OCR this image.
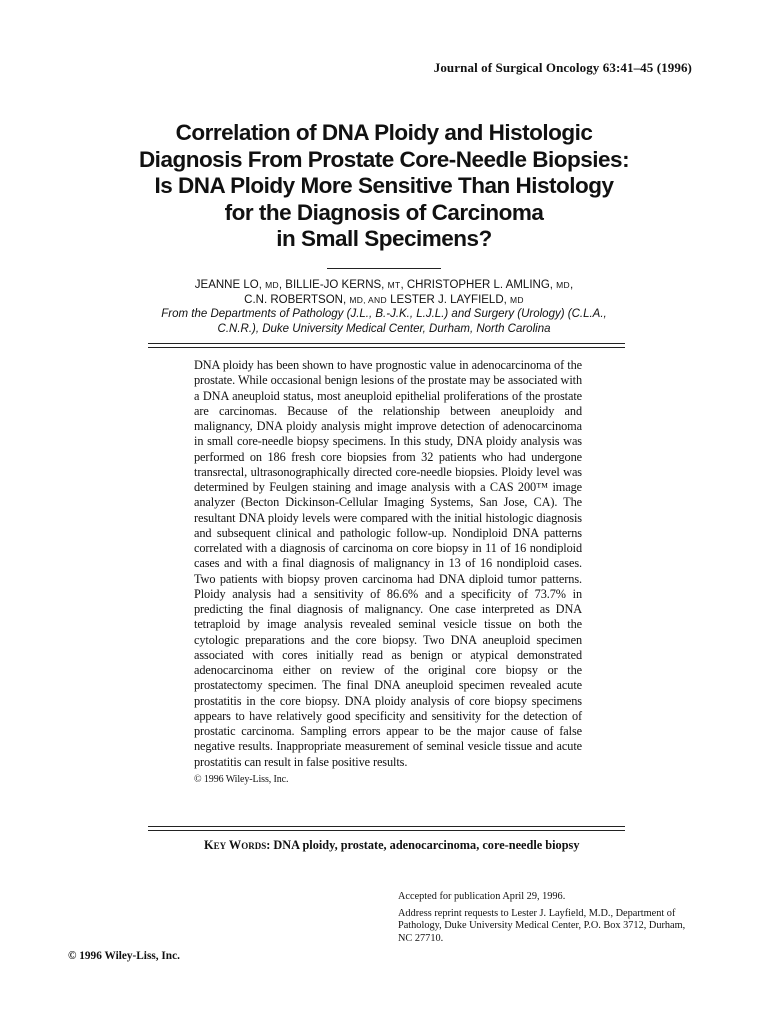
Journal of Surgical Oncology 63:41–45 (1996)
Correlation of DNA Ploidy and Histologic
Diagnosis From Prostate Core-Needle Biopsies:
Is DNA Ploidy More Sensitive Than Histology
for the Diagnosis of Carcinoma
in Small Specimens?
JEANNE LO, MD, BILLIE-JO KERNS, MT, CHRISTOPHER L. AMLING, MD,
C.N. ROBERTSON, MD, AND LESTER J. LAYFIELD, MD
From the Departments of Pathology (J.L., B.-J.K., L.J.L.) and Surgery (Urology) (C.L.A.,
C.N.R.), Duke University Medical Center, Durham, North Carolina

DNA ploidy has been shown to have prognostic value in adenocarcinoma of the prostate. While occasional benign lesions of the prostate may be associated with a DNA aneuploid status, most aneuploid epithelial proliferations of the prostate are carcinomas. Because of the relationship between aneuploidy and malignancy, DNA ploidy analysis might improve detection of adenocarcinoma in small core-needle biopsy specimens. In this study, DNA ploidy analysis was performed on 186 fresh core biopsies from 32 patients who had undergone transrectal, ultrasonographically directed core-needle biopsies. Ploidy level was determined by Feulgen staining and image analysis with a CAS 200™ image analyzer (Becton Dickinson-Cellular Imaging Systems, San Jose, CA). The resultant DNA ploidy levels were compared with the initial histologic diagnosis and subsequent clinical and pathologic follow-up. Nondiploid DNA patterns correlated with a diagnosis of carcinoma on core biopsy in 11 of 16 nondiploid cases and with a final diagnosis of malignancy in 13 of 16 nondiploid cases. Two patients with biopsy proven carcinoma had DNA diploid tumor patterns. Ploidy analysis had a sensitivity of 86.6% and a specificity of 73.7% in predicting the final diagnosis of malignancy. One case interpreted as DNA tetraploid by image analysis revealed seminal vesicle tissue on both the cytologic preparations and the core biopsy. Two DNA aneuploid specimen associated with cores initially read as benign or atypical demonstrated adenocarcinoma either on review of the original core biopsy or the prostatectomy specimen. The final DNA aneuploid specimen revealed acute prostatitis in the core biopsy. DNA ploidy analysis of core biopsy specimens appears to have relatively good specificity and sensitivity for the detection of prostatic carcinoma. Sampling errors appear to be the major cause of false negative results. Inappropriate measurement of seminal vesicle tissue and acute prostatitis can result in false positive results.

© 1996 Wiley-Liss, Inc.
Key Words: DNA ploidy, prostate, adenocarcinoma, core-needle biopsy
Accepted for publication April 29, 1996.
Address reprint requests to Lester J. Layfield, M.D., Department of
Pathology, Duke University Medical Center, P.O. Box 3712, Durham,
NC 27710.
© 1996 Wiley-Liss, Inc.
